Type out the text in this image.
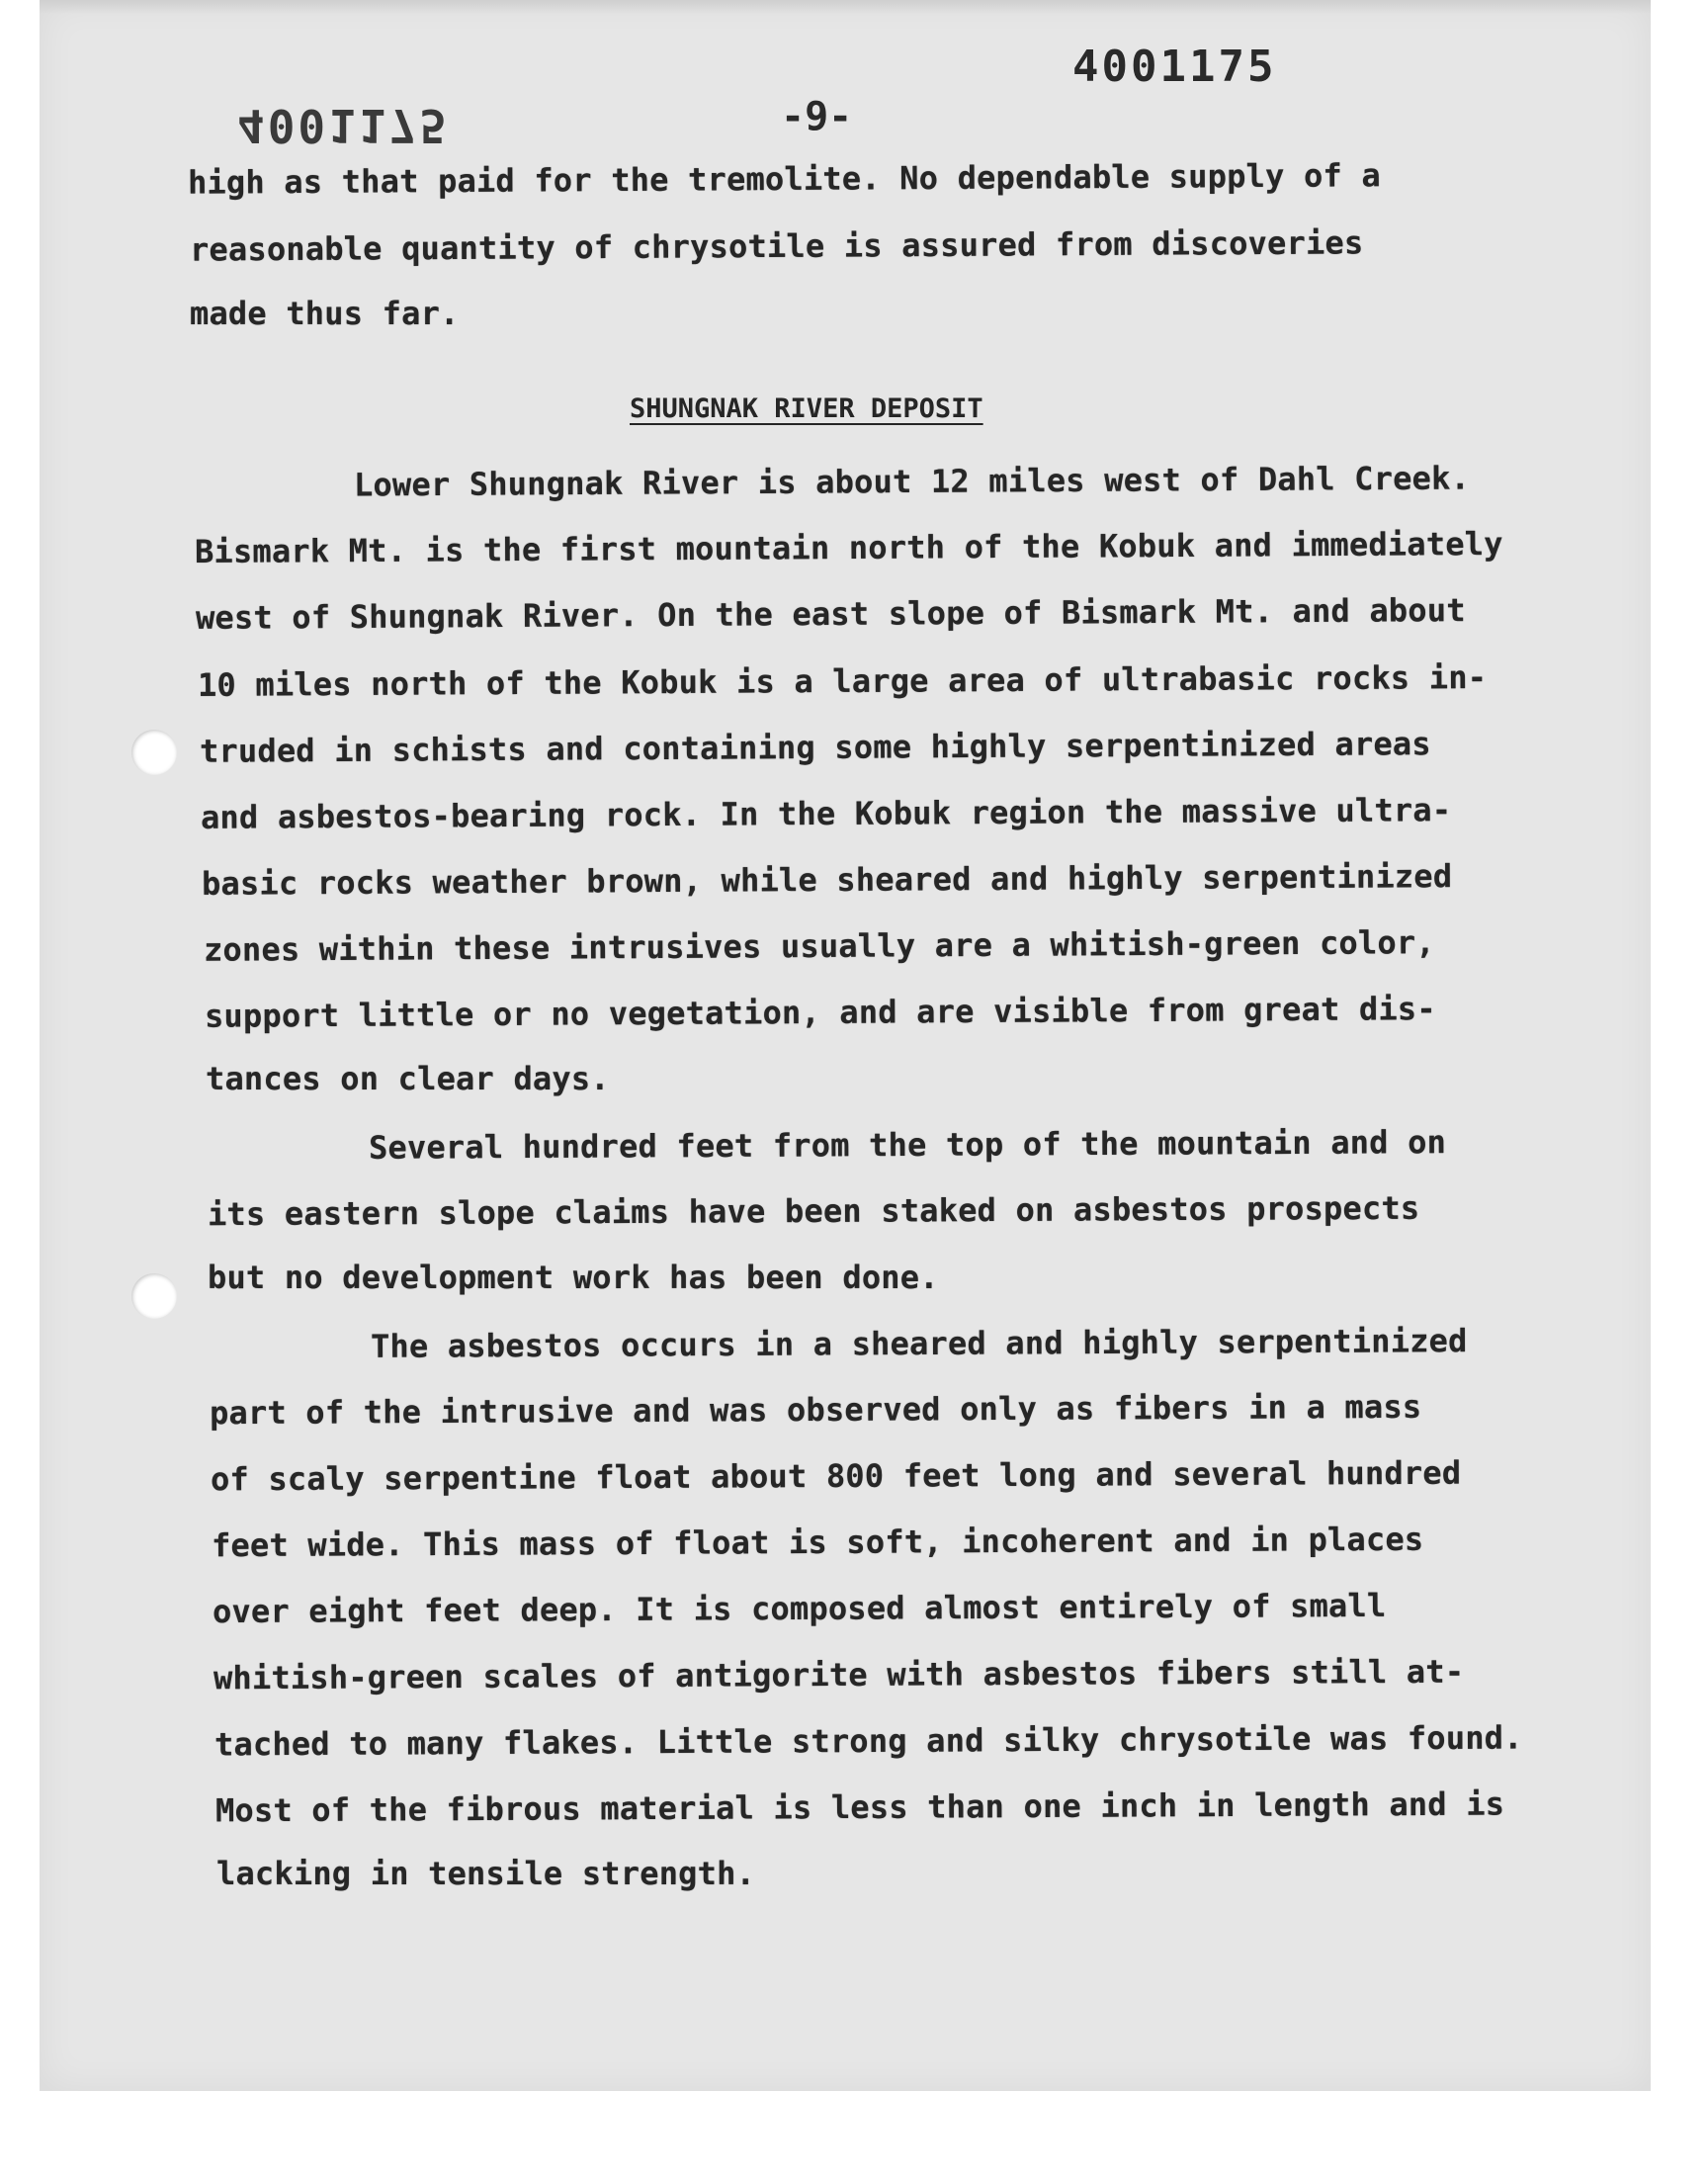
4001175
4001175	-9-
high as that paid for the tremolite. No dependable supply of a
reasonable quantity of chrysotile is assured from discoveries
made thus far.
SHUNGNAK RIVER DEPOSIT
Lower Shungnak River is about 12 miles west of Dahl Creek.
Bismark Mt. is the first mountain north of the Kobuk and immediately
west of Shungnak River. On the east slope of Bismark Mt. and about
10 miles north of the Kobuk is a large area of ultrabasic rocks in-
truded in schists and containing some highly serpentinized areas
and asbestos-bearing rock. In the Kobuk region the massive ultra-
basic rocks weather brown, while sheared and highly serpentinized
zones within these intrusives usually are a whitish-green color,
support little or no vegetation, and are visible from great dis-
tances on clear days.
Several hundred feet from the top of the mountain and on
its eastern slope claims have been staked on asbestos prospects
but no development work has been done.
The asbestos occurs in a sheared and highly serpentinized
part of the intrusive and was observed only as fibers in a mass
of scaly serpentine float about 800 feet long and several hundred
feet wide. This mass of float is soft, incoherent and in places
over eight feet deep. It is composed almost entirely of small
whitish-green scales of antigorite with asbestos fibers still at-
tached to many flakes. Little strong and silky chrysotile was found.
Most of the fibrous material is less than one inch in length and is
lacking in tensile strength.
